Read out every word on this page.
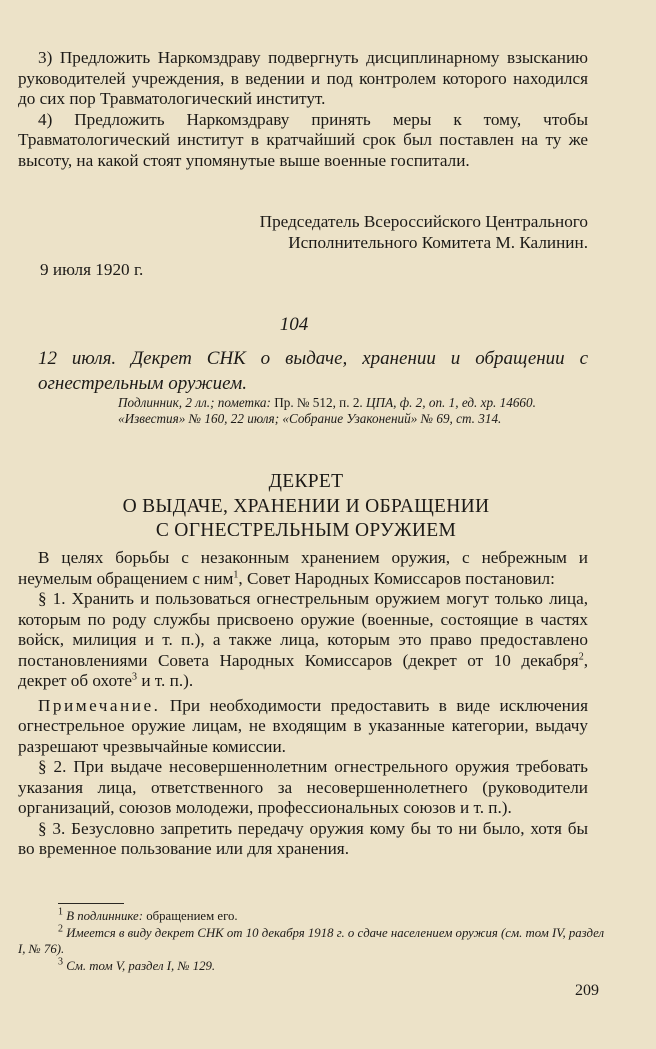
3) Предложить Наркомздраву подвергнуть дисциплинарному взысканию руководителей учреждения, в ведении и под контролем которого находился до сих пор Травматологический институт.

4) Предложить Наркомздраву принять меры к тому, чтобы Травматологический институт в кратчайший срок был поставлен на ту же высоту, на какой стоят упомянутые выше военные госпитали.

Председатель Всероссийского Центрального
Исполнительного Комитета М. Калинин.
9 июля 1920 г.
104
12 июля. Декрет СНК о выдаче, хранении и обращении с огнестрельным оружием.

Подлинник, 2 лл.; пометка: Пр. № 512, п. 2. ЦПА, ф. 2, оп. 1, ед. хр. 14660.

«Известия» № 160, 22 июля; «Собрание Узаконений» № 69, ст. 314.

ДЕКРЕТ
О ВЫДАЧЕ, ХРАНЕНИИ И ОБРАЩЕНИИ
С ОГНЕСТРЕЛЬНЫМ ОРУЖИЕМ

В целях борьбы с незаконным хранением оружия, с небрежным и неумелым обращением с ним$^1$, Совет Народных Комиссаров постановил:

§ 1. Хранить и пользоваться огнестрельным оружием могут только лица, которым по роду службы присвоено оружие (военные, состоящие в частях войск, милиция и т. п.), а также лица, которым это право предоставлено постановлениями Совета Народных Комиссаров (декрет от 10 декабря$^2$, декрет об охоте$^3$ и т. п.).

Примечание. При необходимости предоставить в виде исключения огнестрельное оружие лицам, не входящим в указанные категории, выдачу разрешают чрезвычайные комиссии.

§ 2. При выдаче несовершеннолетним огнестрельного оружия требовать указания лица, ответственного за несовершеннолетнего (руководители организаций, союзов молодежи, профессиональных союзов и т. п.).

§ 3. Безусловно запретить передачу оружия кому бы то ни было, хотя бы во временное пользование или для хранения.

$^1$ В подлиннике: обращением его.

$^2$ Имеется в виду декрет СНК от 10 декабря 1918 г. о сдаче населением оружия (см. том IV, раздел I, № 76).

$^3$ См. том V, раздел I, № 129.

209
